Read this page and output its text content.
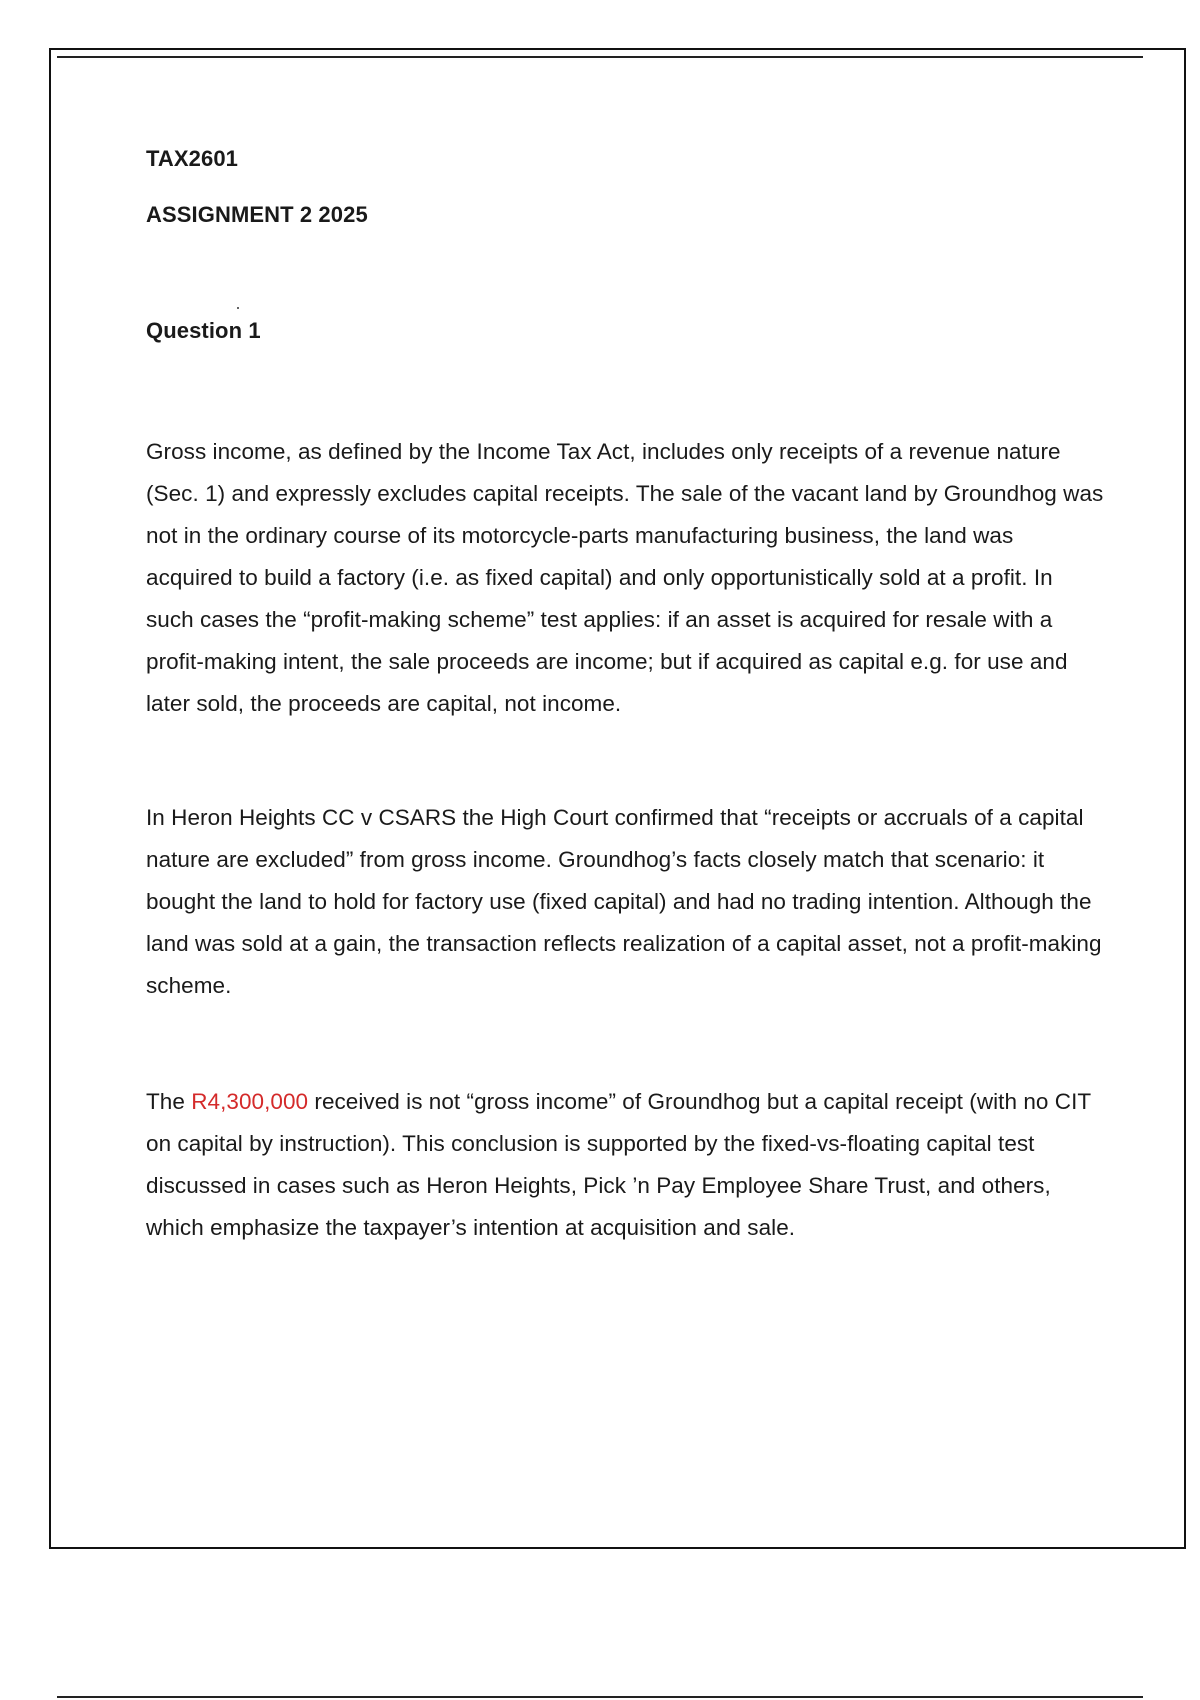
TAX2601

ASSIGNMENT 2 2025

Question 1

Gross income, as defined by the Income Tax Act, includes only receipts of a revenue nature (Sec. 1) and expressly excludes capital receipts. The sale of the vacant land by Groundhog was not in the ordinary course of its motorcycle-parts manufacturing business, the land was acquired to build a factory (i.e. as fixed capital) and only opportunistically sold at a profit. In such cases the “profit-making scheme” test applies: if an asset is acquired for resale with a profit-making intent, the sale proceeds are income; but if acquired as capital e.g. for use and later sold, the proceeds are capital, not income.

In Heron Heights CC v CSARS the High Court confirmed that “receipts or accruals of a capital nature are excluded” from gross income. Groundhog’s facts closely match that scenario: it bought the land to hold for factory use (fixed capital) and had no trading intention. Although the land was sold at a gain, the transaction reflects realization of a capital asset, not a profit-making scheme.

The R4,300,000 received is not “gross income” of Groundhog but a capital receipt (with no CIT on capital by instruction). This conclusion is supported by the fixed-vs-floating capital test discussed in cases such as Heron Heights, Pick ’n Pay Employee Share Trust, and others, which emphasize the taxpayer’s intention at acquisition and sale.
